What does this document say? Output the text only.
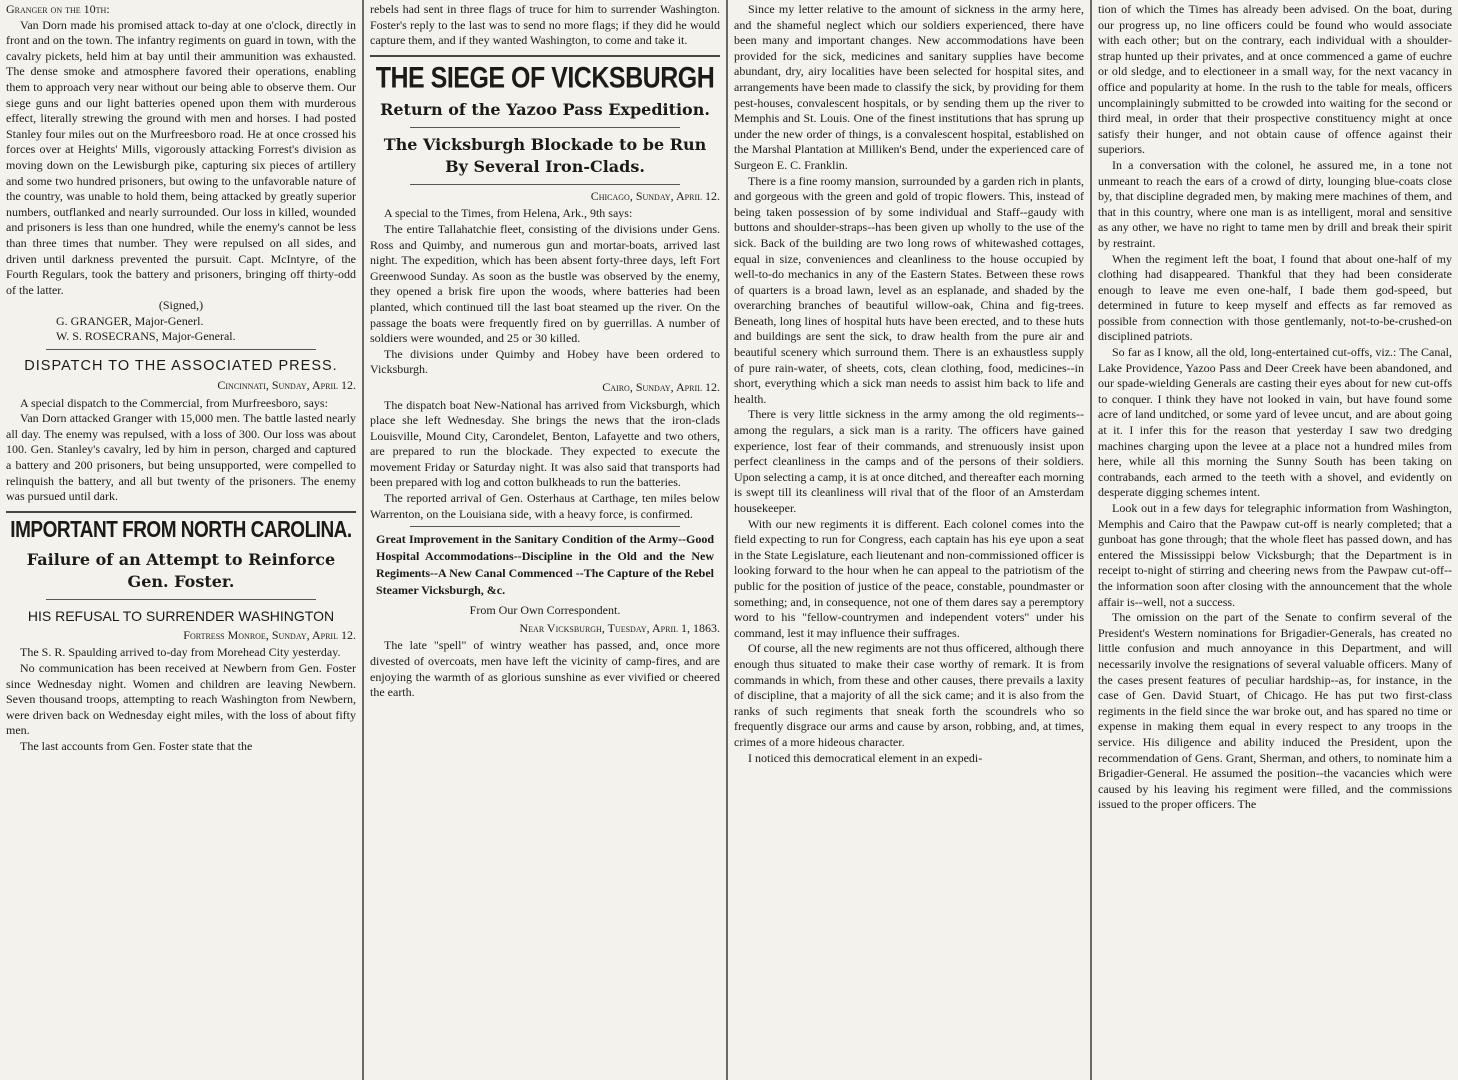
Granger on the 10th:

Van Dorn made his promised attack to-day at one o'clock, directly in front and on the town. The infantry regiments on guard in town, with the cavalry pickets, held him at bay until their ammunition was exhausted. The dense smoke and atmosphere favored their operations, enabling them to approach very near without our being able to observe them. Our siege guns and our light batteries opened upon them with murderous effect, literally strewing the ground with men and horses. I had posted Stanley four miles out on the Murfreesboro road. He at once crossed his forces over at Heights' Mills, vigorously attacking Forrest's division as moving down on the Lewisburgh pike, capturing six pieces of artillery and some two hundred prisoners, but owing to the unfavorable nature of the country, was unable to hold them, being attacked by greatly superior numbers, outflanked and nearly surrounded. Our loss in killed, wounded and prisoners is less than one hundred, while the enemy's cannot be less than three times that number. They were repulsed on all sides, and driven until darkness prevented the pursuit. Capt. McIntyre, of the Fourth Regulars, took the battery and prisoners, bringing off thirty-odd of the latter.

(Signed,)

G. GRANGER, Major-Generl.

W. S. ROSECRANS, Major-General.

DISPATCH TO THE ASSOCIATED PRESS.

Cincinnati, Sunday, April 12.

A special dispatch to the Commercial, from Murfreesboro, says:

Van Dorn attacked Granger with 15,000 men. The battle lasted nearly all day. The enemy was repulsed, with a loss of 300. Our loss was about 100. Gen. Stanley's cavalry, led by him in person, charged and captured a battery and 200 prisoners, but being unsupported, were compelled to relinquish the battery, and all but twenty of the prisoners. The enemy was pursued until dark.

IMPORTANT FROM NORTH CAROLINA.
Failure of an Attempt to Reinforce Gen. Foster.
HIS REFUSAL TO SURRENDER WASHINGTON

Fortress Monroe, Sunday, April 12.

The S. R. Spaulding arrived to-day from Morehead City yesterday.

No communication has been received at Newbern from Gen. Foster since Wednesday night. Women and children are leaving Newbern. Seven thousand troops, attempting to reach Washington from Newbern, were driven back on Wednesday eight miles, with the loss of about fifty men.

The last accounts from Gen. Foster state that the

rebels had sent in three flags of truce for him to surrender Washington. Foster's reply to the last was to send no more flags; if they did he would capture them, and if they wanted Washington, to come and take it.

THE SIEGE OF VICKSBURGH
Return of the Yazoo Pass Expedition.
The Vicksburgh Blockade to be Run By Several Iron-Clads.

Chicago, Sunday, April 12.

A special to the Times, from Helena, Ark., 9th says:

The entire Tallahatchie fleet, consisting of the divisions under Gens. Ross and Quimby, and numerous gun and mortar-boats, arrived last night. The expedition, which has been absent forty-three days, left Fort Greenwood Sunday. As soon as the bustle was observed by the enemy, they opened a brisk fire upon the woods, where batteries had been planted, which continued till the last boat steamed up the river. On the passage the boats were frequently fired on by guerrillas. A number of soldiers were wounded, and 25 or 30 killed.

The divisions under Quimby and Hobey have been ordered to Vicksburgh.

Cairo, Sunday, April 12.

The dispatch boat New-National has arrived from Vicksburgh, which place she left Wednesday. She brings the news that the iron-clads Louisville, Mound City, Carondelet, Benton, Lafayette and two others, are prepared to run the blockade. They expected to execute the movement Friday or Saturday night. It was also said that transports had been prepared with log and cotton bulkheads to run the batteries.

The reported arrival of Gen. Osterhaus at Carthage, ten miles below Warrenton, on the Louisiana side, with a heavy force, is confirmed.

Great Improvement in the Sanitary Condition of the Army--Good Hospital Accommodations--Discipline in the Old and the New Regiments--A New Canal Commenced --The Capture of the Rebel Steamer Vicksburgh, &c.

From Our Own Correspondent.

Near Vicksburgh, Tuesday, April 1, 1863.

The late "spell" of wintry weather has passed, and, once more divested of overcoats, men have left the vicinity of camp-fires, and are enjoying the warmth of as glorious sunshine as ever vivified or cheered the earth.

Since my letter relative to the amount of sickness in the army here, and the shameful neglect which our soldiers experienced, there have been many and important changes. New accommodations have been provided for the sick, medicines and sanitary supplies have become abundant, dry, airy localities have been selected for hospital sites, and arrangements have been made to classify the sick, by providing for them pest-houses, convalescent hospitals, or by sending them up the river to Memphis and St. Louis. One of the finest institutions that has sprung up under the new order of things, is a convalescent hospital, established on the Marshal Plantation at Milliken's Bend, under the experienced care of Surgeon E. C. Franklin.

There is a fine roomy mansion, surrounded by a garden rich in plants, and gorgeous with the green and gold of tropic flowers. This, instead of being taken possession of by some individual and Staff--gaudy with buttons and shoulder-straps--has been given up wholly to the use of the sick. Back of the building are two long rows of whitewashed cottages, equal in size, conveniences and cleanliness to the house occupied by well-to-do mechanics in any of the Eastern States. Between these rows of quarters is a broad lawn, level as an esplanade, and shaded by the overarching branches of beautiful willow-oak, China and fig-trees. Beneath, long lines of hospital huts have been erected, and to these huts and buildings are sent the sick, to draw health from the pure air and beautiful scenery which surround them. There is an exhaustless supply of pure rain-water, of sheets, cots, clean clothing, food, medicines--in short, everything which a sick man needs to assist him back to life and health.

There is very little sickness in the army among the old regiments--among the regulars, a sick man is a rarity. The officers have gained experience, lost fear of their commands, and strenuously insist upon perfect cleanliness in the camps and of the persons of their soldiers. Upon selecting a camp, it is at once ditched, and thereafter each morning is swept till its cleanliness will rival that of the floor of an Amsterdam housekeeper.

With our new regiments it is different. Each colonel comes into the field expecting to run for Congress, each captain has his eye upon a seat in the State Legislature, each lieutenant and non-commissioned officer is looking forward to the hour when he can appeal to the patriotism of the public for the position of justice of the peace, constable, poundmaster or something; and, in consequence, not one of them dares say a peremptory word to his "fellow-countrymen and independent voters" under his command, lest it may influence their suffrages.

Of course, all the new regiments are not thus officered, although there enough thus situated to make their case worthy of remark. It is from commands in which, from these and other causes, there prevails a laxity of discipline, that a majority of all the sick came; and it is also from the ranks of such regiments that sneak forth the scoundrels who so frequently disgrace our arms and cause by arson, robbing, and, at times, crimes of a more hideous character.

I noticed this democratical element in an expedi-

tion of which the Times has already been advised. On the boat, during our progress up, no line officers could be found who would associate with each other; but on the contrary, each individual with a shoulder-strap hunted up their privates, and at once commenced a game of euchre or old sledge, and to electioneer in a small way, for the next vacancy in office and popularity at home. In the rush to the table for meals, officers uncomplainingly submitted to be crowded into waiting for the second or third meal, in order that their prospective constituency might at once satisfy their hunger, and not obtain cause of offence against their superiors.

In a conversation with the colonel, he assured me, in a tone not unmeant to reach the ears of a crowd of dirty, lounging blue-coats close by, that discipline degraded men, by making mere machines of them, and that in this country, where one man is as intelligent, moral and sensitive as any other, we have no right to tame men by drill and break their spirit by restraint.

When the regiment left the boat, I found that about one-half of my clothing had disappeared. Thankful that they had been considerate enough to leave me even one-half, I bade them god-speed, but determined in future to keep myself and effects as far removed as possible from connection with those gentlemanly, not-to-be-crushed-on disciplined patriots.

So far as I know, all the old, long-entertained cut-offs, viz.: The Canal, Lake Providence, Yazoo Pass and Deer Creek have been abandoned, and our spade-wielding Generals are casting their eyes about for new cut-offs to conquer. I think they have not looked in vain, but have found some acre of land unditched, or some yard of levee uncut, and are about going at it. I infer this for the reason that yesterday I saw two dredging machines charging upon the levee at a place not a hundred miles from here, while all this morning the Sunny South has been taking on contrabands, each armed to the teeth with a shovel, and evidently on desperate digging schemes intent.

Look out in a few days for telegraphic information from Washington, Memphis and Cairo that the Pawpaw cut-off is nearly completed; that a gunboat has gone through; that the whole fleet has passed down, and has entered the Mississippi below Vicksburgh; that the Department is in receipt to-night of stirring and cheering news from the Pawpaw cut-off--the information soon after closing with the announcement that the whole affair is--well, not a success.

The omission on the part of the Senate to confirm several of the President's Western nominations for Brigadier-Generals, has created no little confusion and much annoyance in this Department, and will necessarily involve the resignations of several valuable officers. Many of the cases present features of peculiar hardship--as, for instance, in the case of Gen. David Stuart, of Chicago. He has put two first-class regiments in the field since the war broke out, and has spared no time or expense in making them equal in every respect to any troops in the service. His diligence and ability induced the President, upon the recommendation of Gens. Grant, Sherman, and others, to nominate him a Brigadier-General. He assumed the position--the vacancies which were caused by his leaving his regiment were filled, and the commissions issued to the proper officers. The
